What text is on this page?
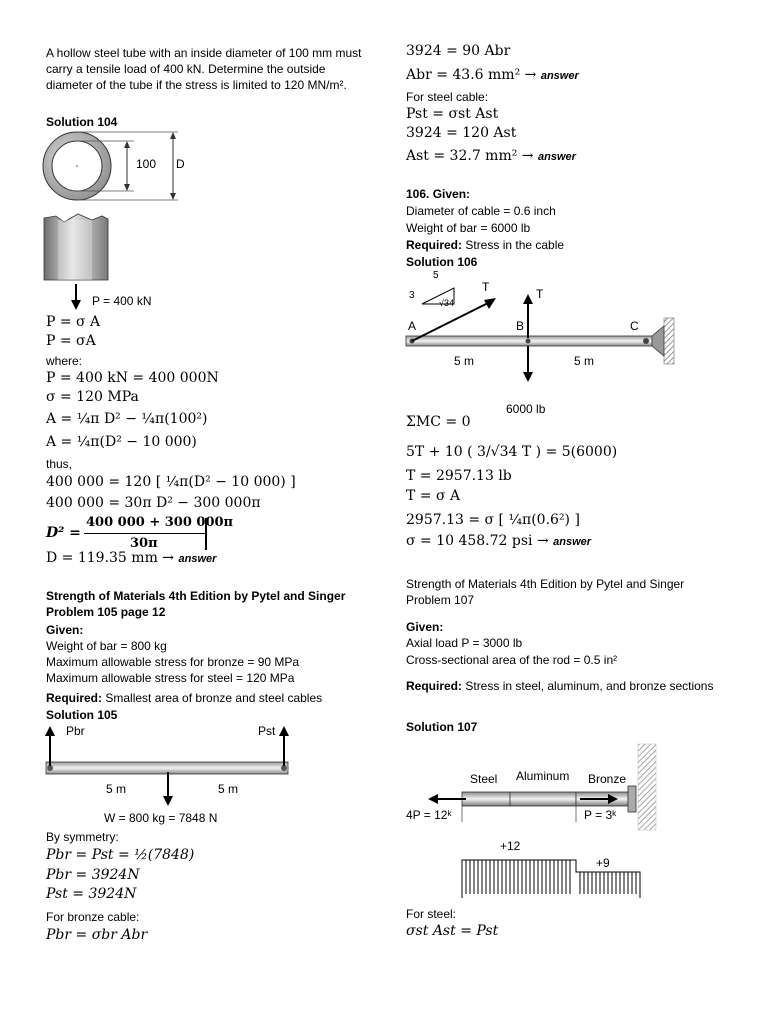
A hollow steel tube with an inside diameter of 100 mm must carry a tensile load of 400 kN. Determine the outside diameter of the tube if the stress is limited to 120 MN/m².
Solution 104
100 D
P = 400 kN
P = σ A
P = σA
where:
P = 400 kN = 400 000N
σ = 120 MPa
A = ¼π D² − ¼π(100²)
A = ¼π(D² − 10 000)
thus,
400 000 = 120 [ ¼π(D² − 10 000) ]
400 000 = 30π D² − 300 000π
D² =
400 000 + 300 000π
30π
D = 119.35 mm → answer
Strength of Materials 4th Edition by Pytel and Singer Problem 105 page 12
Given:
Weight of bar = 800 kg
Maximum allowable stress for bronze = 90 MPa
Maximum allowable stress for steel = 120 MPa
Required: Smallest area of bronze and steel cables
Solution 105
Pbr	Pst
5 m	5 m
W = 800 kg = 7848 N
By symmetry:
Pbr = Pst = ½(7848)
Pbr = 3924N
Pst = 3924N
For bronze cable:
Pbr = σbr Abr
3924 = 90 Abr
Abr = 43.6 mm² → answer
For steel cable:
Pst = σst Ast
3924 = 120 Ast
Ast = 32.7 mm² → answer
106. Given:
Diameter of cable = 0.6 inch
Weight of bar = 6000 lb
Required: Stress in the cable
Solution 106
5
3
√34
T	T
A	B	C
5 m	5 m
6000 lb
ΣMC = 0
5T + 10 ( 3/√34 T ) = 5(6000)
T = 2957.13 lb
T = σ A
2957.13 = σ [ ¼π(0.6²) ]
σ = 10 458.72 psi → answer
Strength of Materials 4th Edition by Pytel and Singer Problem 107
Given:
Axial load P = 3000 lb
Cross-sectional area of the rod = 0.5 in²
Required: Stress in steel, aluminum, and bronze sections
Solution 107
Steel Aluminum Bronze
4P = 12ᵏ	P = 3ᵏ
+12
+9
For steel:
σst Ast = Pst
